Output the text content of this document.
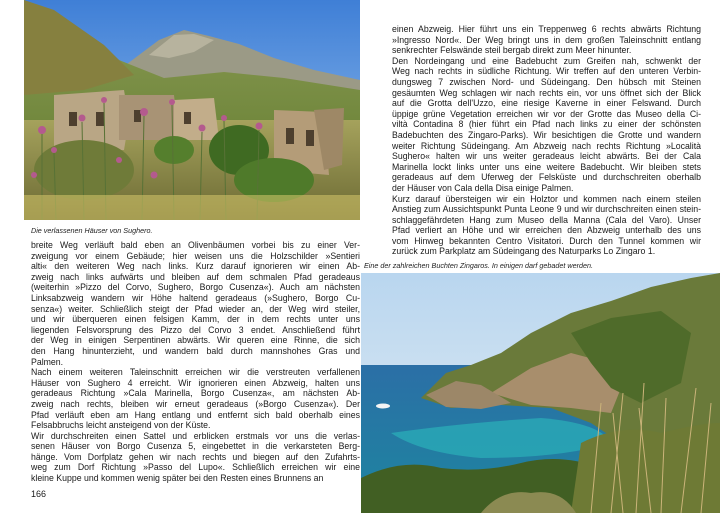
Die verlassenen Häuser von Sughero.
Eine der zahlreichen Buchten Zingaros. In einigen darf gebadet werden.
breite Weg verläuft bald eben an Olivenbäumen vorbei bis zu einer Ver-
zweigung vor einem Gebäude; hier weisen uns die Holzschilder »Sentieri
alti« den weiteren Weg nach links. Kurz darauf ignorieren wir einen Ab-
zweig nach links aufwärts und bleiben auf dem schmalen Pfad geradeaus
(weiterhin »Pizzo del Corvo, Sughero, Borgo Cusenza«). Auch am nächsten
Linksabzweig wandern wir Höhe haltend geradeaus (»Sughero, Borgo Cu-
senza«) weiter. Schließlich steigt der Pfad wieder an, der Weg wird steiler,
und wir überqueren einen felsigen Kamm, der in dem rechts unter uns
liegenden Felsvorsprung des Pizzo del Corvo 3 endet. Anschließend führt
der Weg in einigen Serpentinen abwärts. Wir queren eine Rinne, die sich
den Hang hinunterzieht, und wandern bald durch mannshohes Gras und
Palmen.
Nach einem weiteren Taleinschnitt erreichen wir die verstreuten verfallenen
Häuser von Sughero 4 erreicht. Wir ignorieren einen Abzweig, halten uns
geradeaus Richtung »Cala Marinella, Borgo Cusenza«, am nächsten Ab-
zweig nach rechts, bleiben wir erneut geradeaus (»Borgo Cusenza«). Der
Pfad verläuft eben am Hang entlang und entfernt sich bald oberhalb eines
Felsabbruchs leicht ansteigend von der Küste.
Wir durchschreiten einen Sattel und erblicken erstmals vor uns die verlas-
senen Häuser von Borgo Cusenza 5, eingebettet in die verkarsteten Berg-
hänge. Vom Dorfplatz gehen wir nach rechts und biegen auf den Zufahrts-
weg zum Dorf Richtung »Passo del Lupo«. Schließlich erreichen wir eine
kleine Kuppe und kommen wenig später bei den Resten eines Brunnens an
einen Abzweig. Hier führt uns ein Treppenweg 6 rechts abwärts Richtung
»Ingresso Nord«. Der Weg bringt uns in dem großen Taleinschnitt entlang
senkrechter Felswände steil bergab direkt zum Meer hinunter.
Den Nordeingang und eine Badebucht zum Greifen nah, schwenkt der
Weg nach rechts in südliche Richtung. Wir treffen auf den unteren Verbin-
dungsweg 7 zwischen Nord- und Südeingang. Den hübsch mit Steinen
gesäumten Weg schlagen wir nach rechts ein, vor uns öffnet sich der Blick
auf die Grotta dell'Uzzo, eine riesige Kaverne in einer Felswand. Durch
üppige grüne Vegetation erreichen wir vor der Grotte das Museo della Ci-
viltà Contadina 8 (hier führt ein Pfad nach links zu einer der schönsten
Badebuchten des Zingaro-Parks). Wir besichtigen die Grotte und wandern
weiter Richtung Südeingang. Am Abzweig nach rechts Richtung »Località
Sughero« halten wir uns weiter geradeaus leicht abwärts. Bei der Cala
Marinella lockt links unter uns eine weitere Badebucht. Wir bleiben stets
geradeaus auf dem Uferweg der Felsküste und durchschreiten oberhalb
der Häuser von Cala della Disa einige Palmen.
Kurz darauf übersteigen wir ein Holztor und kommen nach einem steilen
Anstieg zum Aussichtspunkt Punta Leone 9 und wir durchschreiten einen stein-
schlaggefährdeten Hang zum Museo della Manna (Cala del Varo). Unser
Pfad verliert an Höhe und wir erreichen den Abzweig unterhalb des uns
vom Hinweg bekannten Centro Visitatori. Durch den Tunnel kommen wir
zurück zum Parkplatz am Südeingang des Naturparks Lo Zingaro 1.
166
